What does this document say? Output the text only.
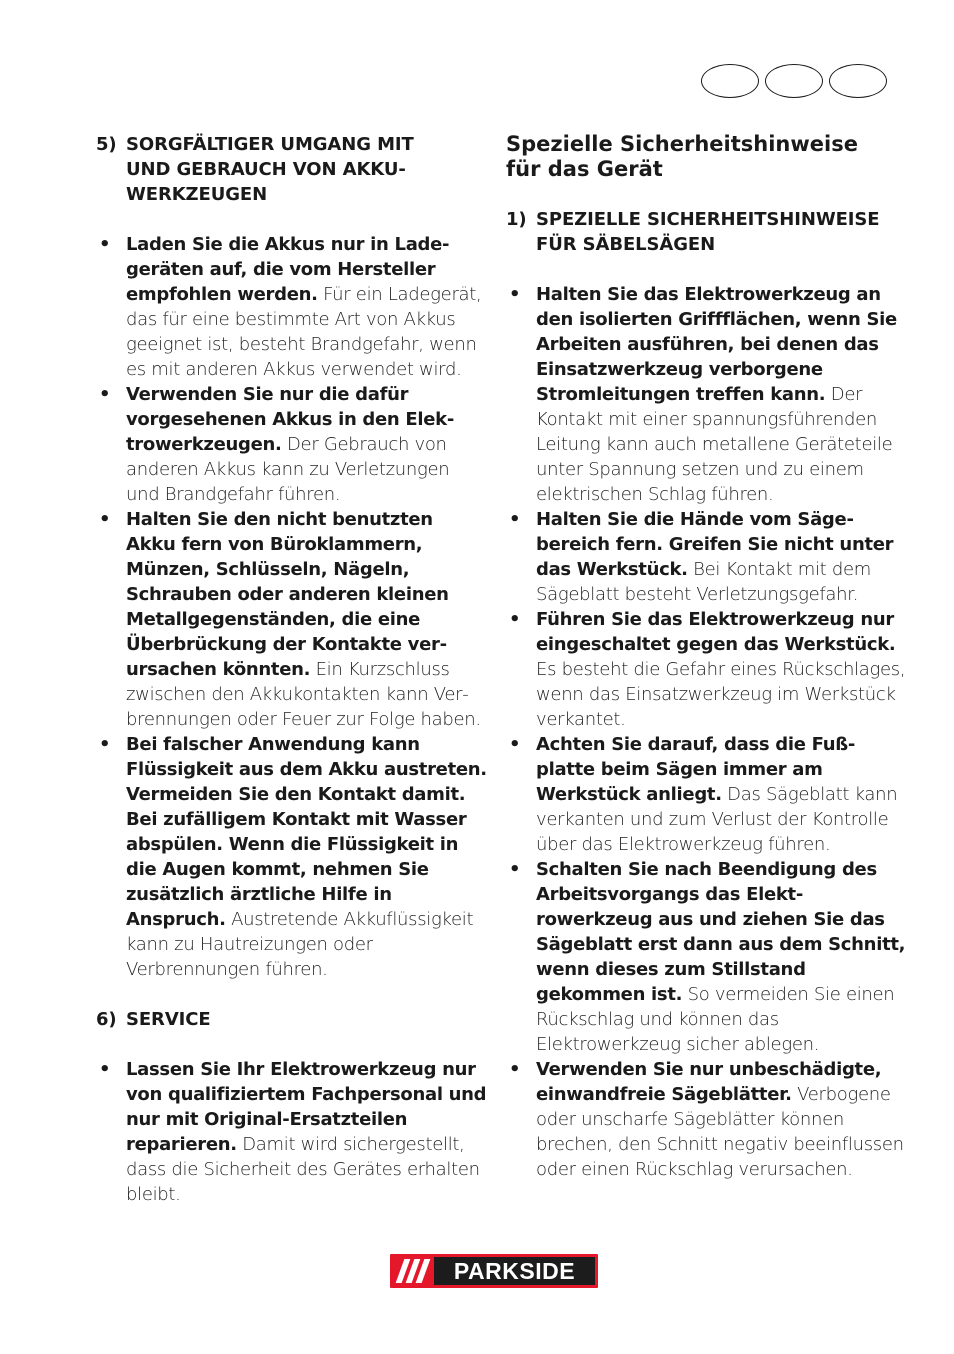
5) SORGFÄLTIGER UMGANG MIT
UND GEBRAUCH VON AKKU-
WERKZEUGEN
• Laden Sie die Akkus nur in Ladegeräten auf, die vom Hersteller empfohlen werden. Für ein Ladegerät, das für eine bestimmte Art von Akkus geeignet ist, besteht Brandgefahr, wenn es mit anderen Akkus verwendet wird.
• Verwenden Sie nur die dafür vorgesehenen Akkus in den Elektrowerkzeugen. Der Gebrauch von anderen Akkus kann zu Verletzungen und Brandgefahr führen.
• Halten Sie den nicht benutzten Akku fern von Büroklammern, Münzen, Schlüsseln, Nägeln, Schrauben oder anderen kleinen Metallgegenständen, die eine Überbrückung der Kontakte verursachen könnten. Ein Kurzschluss zwischen den Akkukontakten kann Verbrennungen oder Feuer zur Folge haben.
• Bei falscher Anwendung kann Flüssigkeit aus dem Akku austreten. Vermeiden Sie den Kontakt damit. Bei zufälligem Kontakt mit Wasser abspülen. Wenn die Flüssigkeit in die Augen kommt, nehmen Sie zusätzlich ärztliche Hilfe in Anspruch. Austretende Akkuflüssigkeit kann zu Hautreizungen oder Verbrennungen führen.
6) SERVICE
• Lassen Sie Ihr Elektrowerkzeug nur von qualifiziertem Fachpersonal und nur mit Original-Ersatzteilen reparieren. Damit wird sichergestellt, dass die Sicherheit des Gerätes erhalten bleibt.
Spezielle Sicherheitshinweise
für das Gerät
1) SPEZIELLE SICHERHEITSHINWEISE
FÜR SÄBELSÄGEN
• Halten Sie das Elektrowerkzeug an den isolierten Griffflächen, wenn Sie Arbeiten ausführen, bei denen das Einsatzwerkzeug verborgene Stromleitungen treffen kann. Der Kontakt mit einer spannungsführenden Leitung kann auch metallene Geräteteile unter Spannung setzen und zu einem elektrischen Schlag führen.
• Halten Sie die Hände vom Sägebereich fern. Greifen Sie nicht unter das Werkstück. Bei Kontakt mit dem Sägeblatt besteht Verletzungsgefahr.
• Führen Sie das Elektrowerkzeug nur eingeschaltet gegen das Werkstück. Es besteht die Gefahr eines Rückschlages, wenn das Einsatzwerkzeug im Werkstück verkantet.
• Achten Sie darauf, dass die Fußplatte beim Sägen immer am Werkstück anliegt. Das Sägeblatt kann verkanten und zum Verlust der Kontrolle über das Elektrowerkzeug führen.
• Schalten Sie nach Beendigung des Arbeitsvorgangs das Elektrowerkzeug aus und ziehen Sie das Sägeblatt erst dann aus dem Schnitt, wenn dieses zum Stillstand gekommen ist. So vermeiden Sie einen Rückschlag und können das Elektrowerkzeug sicher ablegen.
• Verwenden Sie nur unbeschädigte, einwandfreie Sägeblätter. Verbogene oder unscharfe Sägeblätter können brechen, den Schnitt negativ beeinflussen oder einen Rückschlag verursachen.
PARKSIDE
